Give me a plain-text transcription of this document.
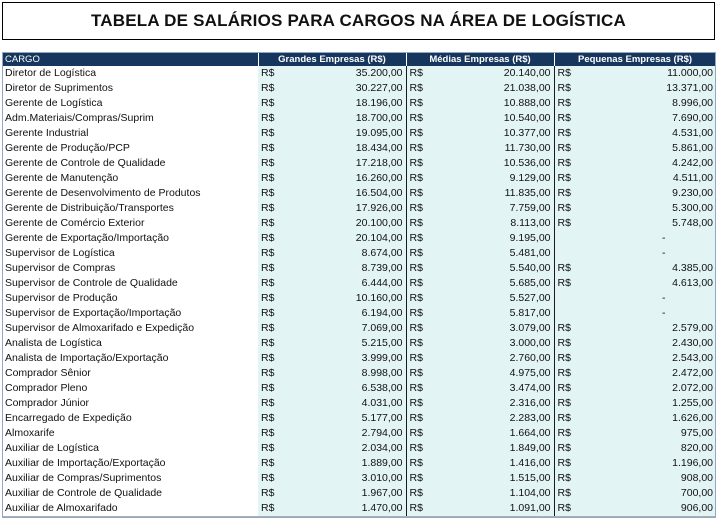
TABELA DE SALÁRIOS PARA CARGOS NA ÁREA DE LOGÍSTICA
CARGO	Grandes Empresas (R$)		Médias Empresas (R$)		Pequenas Empresas (R$)	
Diretor de Logística	R$	35.200,00	R$	20.140,00	R$	11.000,00
Diretor de Suprimentos	R$	30.227,00	R$	21.038,00	R$	13.371,00
Gerente de Logística	R$	18.196,00	R$	10.888,00	R$	8.996,00
Adm.Materiais/Compras/Suprim	R$	18.700,00	R$	10.540,00	R$	7.690,00
Gerente Industrial	R$	19.095,00	R$	10.377,00	R$	4.531,00
Gerente de Produção/PCP	R$	18.434,00	R$	11.730,00	R$	5.861,00
Gerente de Controle de Qualidade	R$	17.218,00	R$	10.536,00	R$	4.242,00
Gerente de Manutenção	R$	16.260,00	R$	9.129,00	R$	4.511,00
Gerente de Desenvolvimento de Produtos	R$	16.504,00	R$	11.835,00	R$	9.230,00
Gerente de Distribuição/Transportes	R$	17.926,00	R$	7.759,00	R$	5.300,00
Gerente de Comércio Exterior	R$	20.100,00	R$	8.113,00	R$	5.748,00
Gerente de Exportação/Importação	R$	20.104,00	R$	9.195,00	-	
Supervisor de Logística	R$	8.674,00	R$	5.481,00	-	
Supervisor de Compras	R$	8.739,00	R$	5.540,00	R$	4.385,00
Supervisor de Controle de Qualidade	R$	6.444,00	R$	5.685,00	R$	4.613,00
Supervisor de Produção	R$	10.160,00	R$	5.527,00	-	
Supervisor de Exportação/Importação	R$	6.194,00	R$	5.817,00	-	
Supervisor de Almoxarifado e Expedição	R$	7.069,00	R$	3.079,00	R$	2.579,00
Analista de Logística	R$	5.215,00	R$	3.000,00	R$	2.430,00
Analista de Importação/Exportação	R$	3.999,00	R$	2.760,00	R$	2.543,00
Comprador Sênior	R$	8.998,00	R$	4.975,00	R$	2.472,00
Comprador Pleno	R$	6.538,00	R$	3.474,00	R$	2.072,00
Comprador Júnior	R$	4.031,00	R$	2.316,00	R$	1.255,00
Encarregado de Expedição	R$	5.177,00	R$	2.283,00	R$	1.626,00
Almoxarife	R$	2.794,00	R$	1.664,00	R$	975,00
Auxiliar de Logística	R$	2.034,00	R$	1.849,00	R$	820,00
Auxiliar de Importação/Exportação	R$	1.889,00	R$	1.416,00	R$	1.196,00
Auxiliar de Compras/Suprimentos	R$	3.010,00	R$	1.515,00	R$	908,00
Auxiliar de Controle de Qualidade	R$	1.967,00	R$	1.104,00	R$	700,00
Auxiliar de Almoxarifado	R$	1.470,00	R$	1.091,00	R$	906,00
